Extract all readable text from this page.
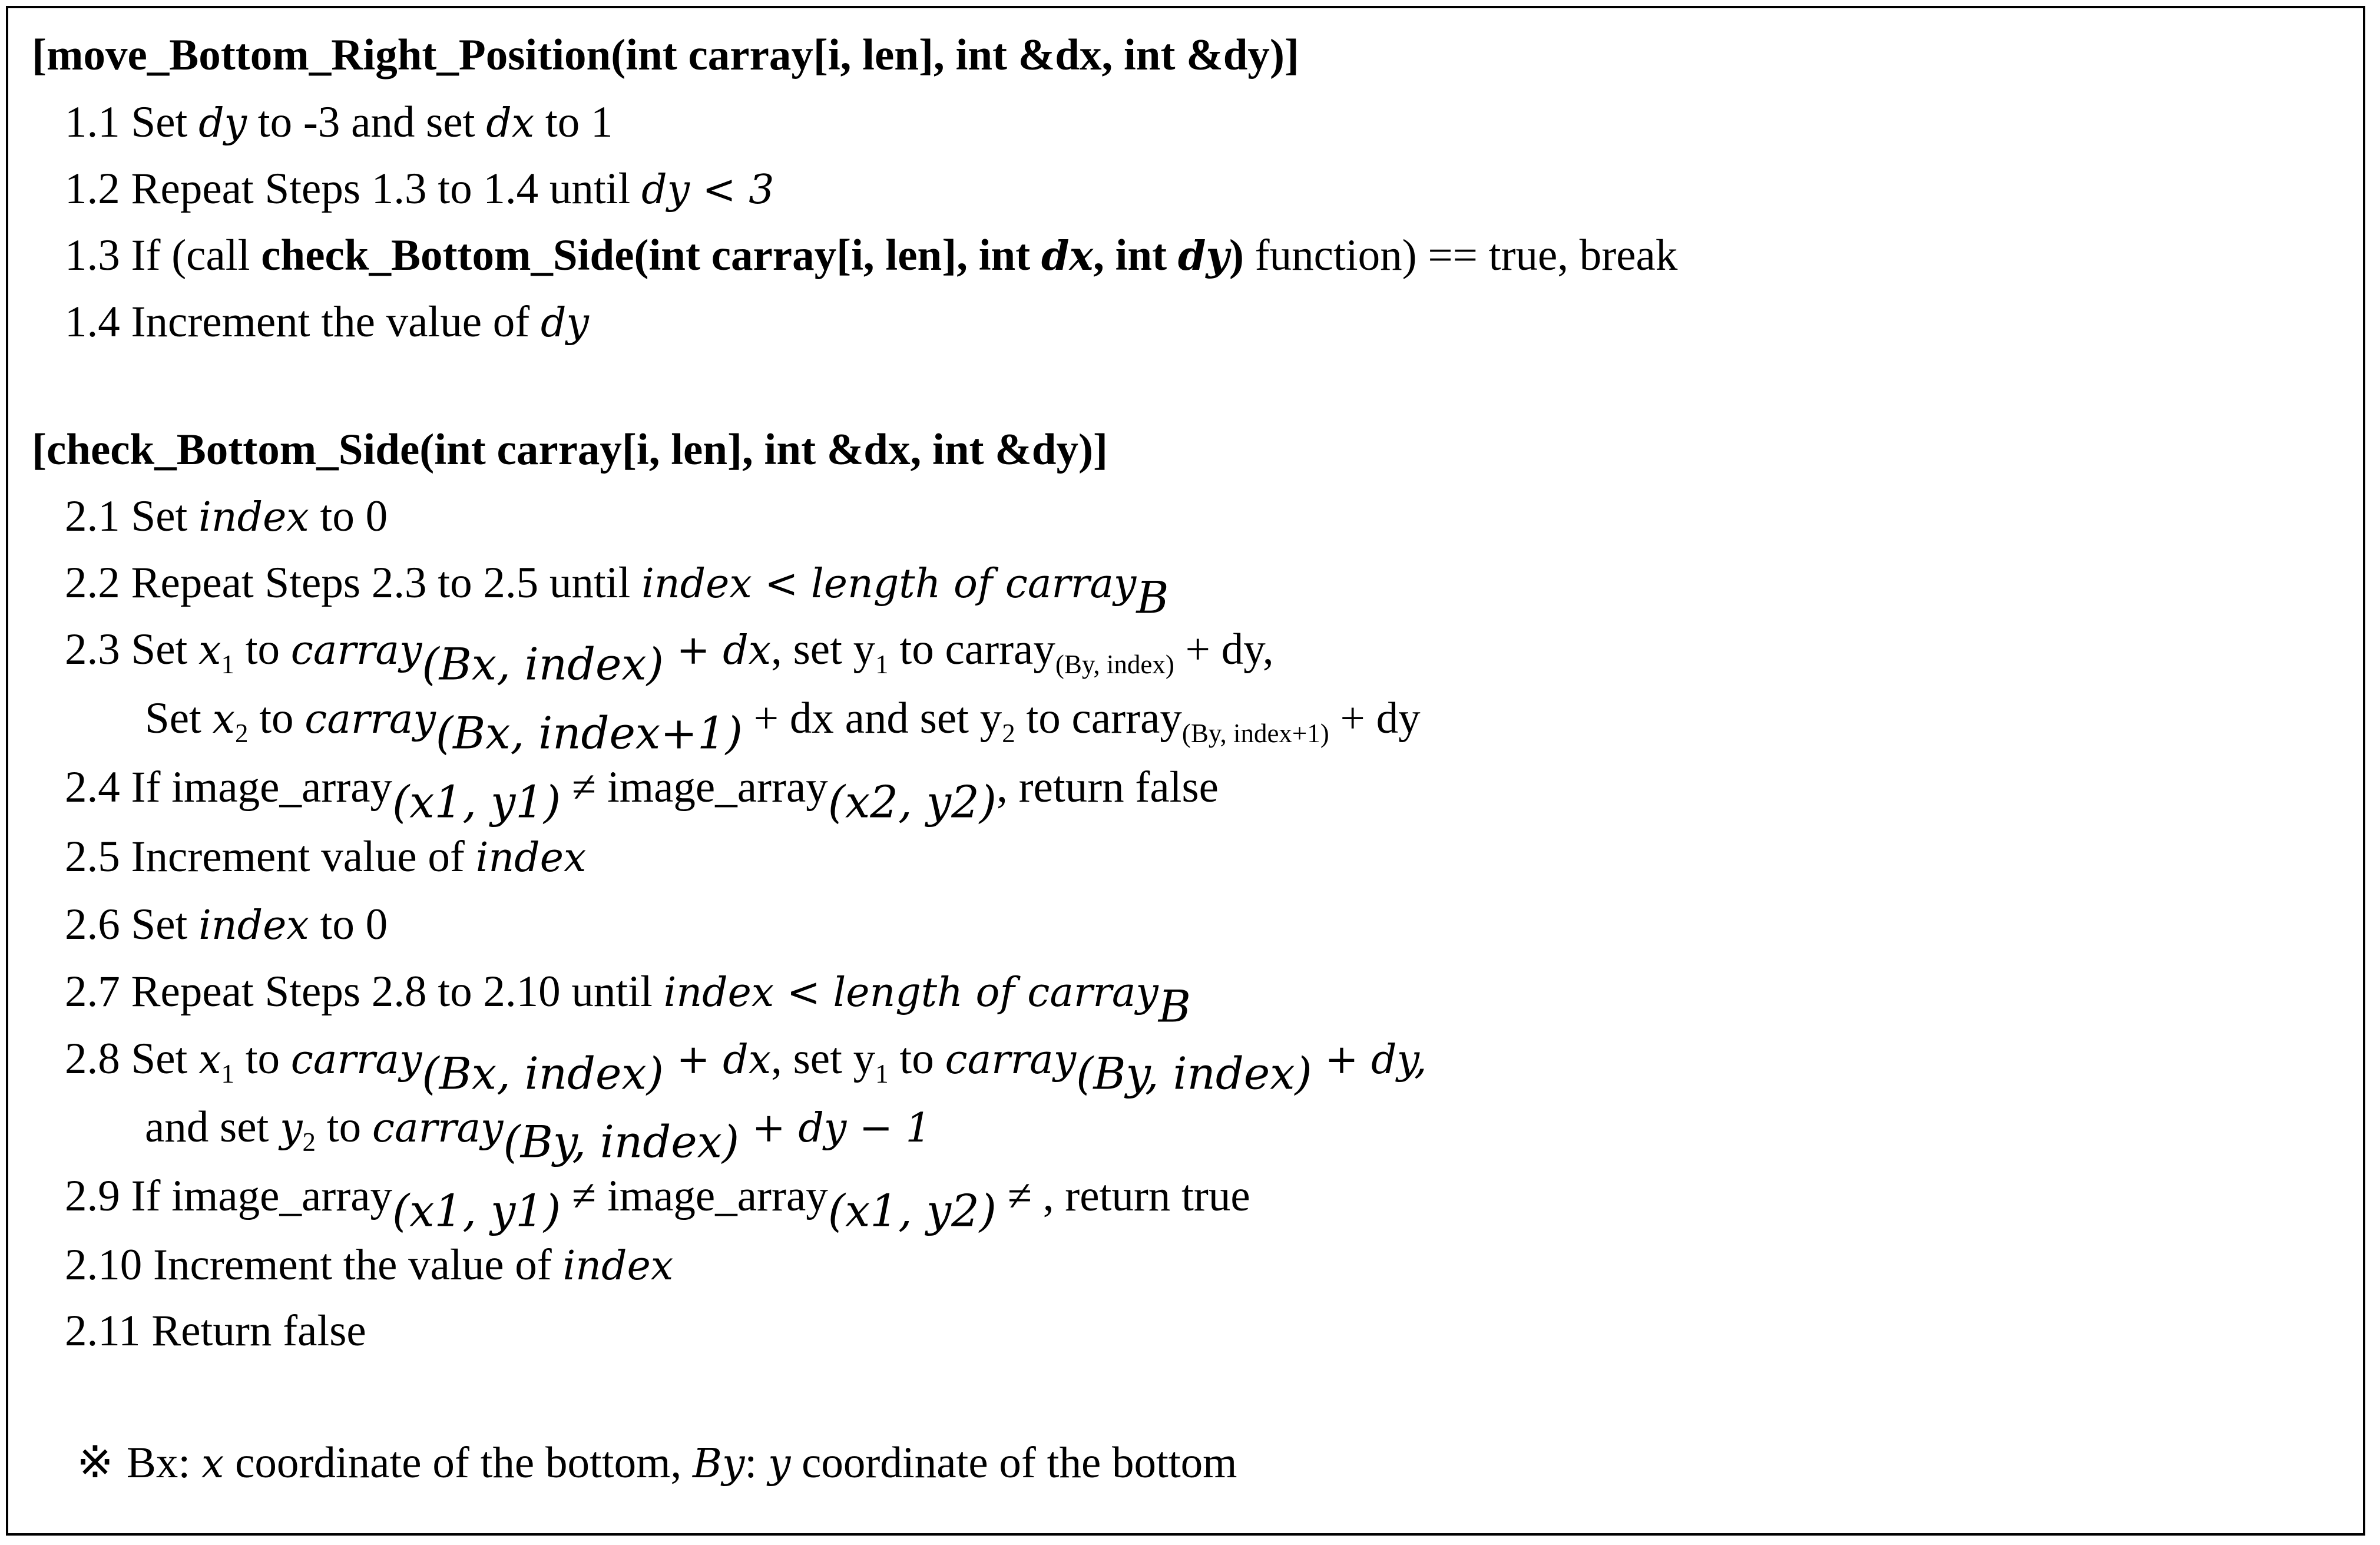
[move_Bottom_Right_Position(int carray[i, len], int &dx, int &dy)]
1.1 Set dy to -3 and set dx to 1
1.2 Repeat Steps 1.3 to 1.4 until dy < 3
1.3 If (call check_Bottom_Side(int carray[i, len], int dx, int dy) function) == true, break
1.4 Increment the value of dy
[check_Bottom_Side(int carray[i, len], int &dx, int &dy)]
2.1 Set index to 0
2.2 Repeat Steps 2.3 to 2.5 until index < length of carray$_B$
2.3 Set $x_1$ to carray$_{(Bx, index)}$ + dx, set $y_1$ to carray$_{(By, index)}$ + dy,
Set $x_2$ to carray$_{(Bx, index+1)}$ + dx and set $y_2$ to carray$_{(By, index+1)}$ + dy
2.4 If image_array$_{(x1, y1)}$ ≠ image_array$_{(x2, y2)}$, return false
2.5 Increment value of index
2.6 Set index to 0
2.7 Repeat Steps 2.8 to 2.10 until index < length of carray$_B$
2.8 Set $x_1$ to carray$_{(Bx, index)}$ + dx, set $y_1$ to carray$_{(By, index)}$ + dy,
and set $y_2$ to carray$_{(By, index)}$ + dy − 1
2.9 If image_array$_{(x1, y1)}$ ≠ image_array$_{(x1, y2)}$ ≠ , return true
2.10 Increment the value of index
2.11 Return false
※ Bx: x coordinate of the bottom, By: y coordinate of the bottom
